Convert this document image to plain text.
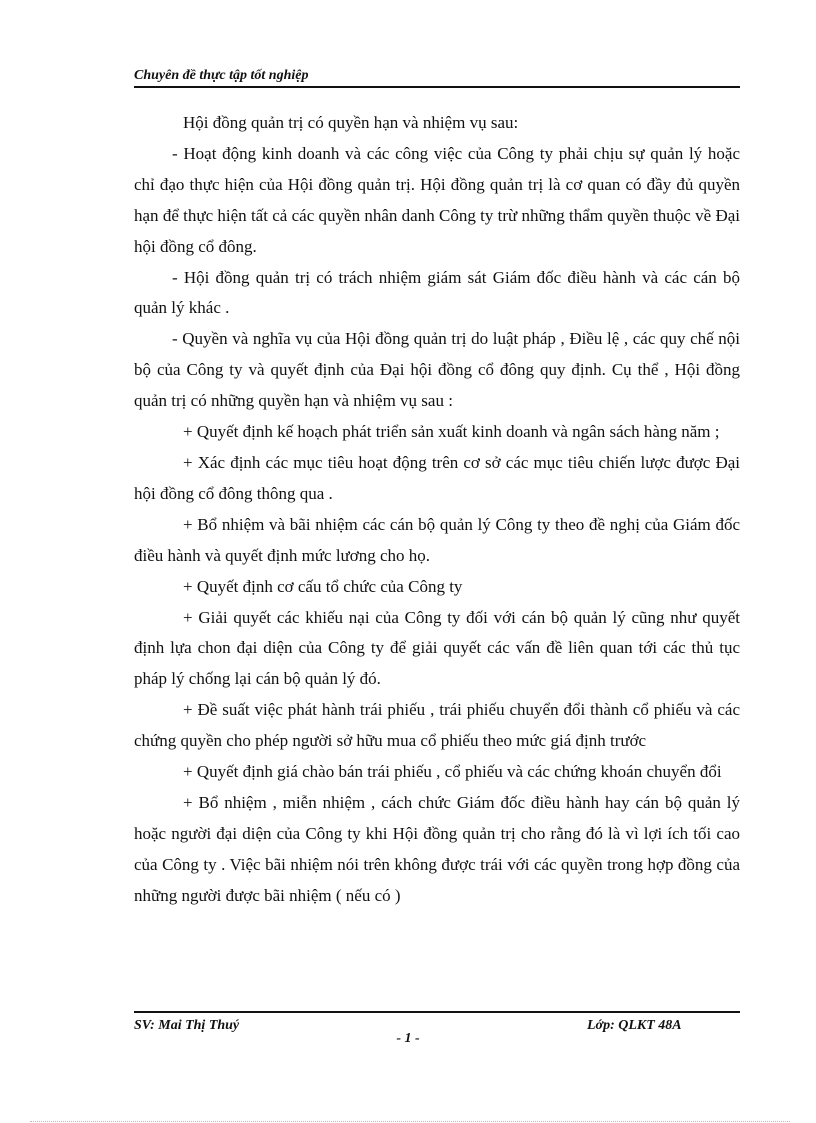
Chuyên đề thực tập tốt nghiệp

Hội đồng quản trị có quyền hạn và nhiệm vụ sau:

- Hoạt động kinh doanh và các công việc của Công ty phải chịu sự quản lý hoặc chỉ đạo thực hiện của Hội đồng quản trị. Hội đồng quản trị là cơ quan có đầy đủ quyền hạn để thực hiện tất cả các quyền nhân danh Công ty trừ những thẩm quyền thuộc về Đại hội đồng cổ đông.

- Hội đồng quản trị có trách nhiệm giám sát Giám đốc điều hành và các cán bộ quản lý khác .

- Quyền và nghĩa vụ của Hội đồng quản trị do luật pháp , Điều lệ , các quy chế nội bộ của Công ty và quyết định của Đại hội đồng cổ đông quy định. Cụ thể , Hội đồng quản trị có những quyền hạn và nhiệm vụ sau :

+ Quyết định kế hoạch phát triển sản xuất kinh doanh và ngân sách hàng năm ;

+ Xác định các mục tiêu hoạt động trên cơ sở các mục tiêu chiến lược được Đại hội đồng cổ đông thông qua .

+ Bổ nhiệm và bãi nhiệm các cán bộ quản lý Công ty theo đề nghị của Giám đốc điều hành và quyết định mức lương cho họ.

+ Quyết định cơ cấu tổ chức của Công ty

+ Giải quyết các khiếu nại của Công ty đối với cán bộ quản lý cũng như quyết định lựa chon đại diện của Công ty để giải quyết các vấn đề liên quan tới các thủ tục pháp lý chống lại cán bộ quản lý đó.

+ Đề suất việc phát hành trái phiếu , trái phiếu chuyển đổi thành cổ phiếu và các chứng quyền cho phép người sở hữu mua cổ phiếu theo mức giá định trước

+ Quyết định giá chào bán trái phiếu , cổ phiếu và các chứng khoán chuyển đổi

+ Bổ nhiệm , miễn nhiệm , cách chức Giám đốc điều hành hay cán bộ quản lý hoặc người đại diện của Công ty khi Hội đồng quản trị cho rằng đó là vì lợi ích tối cao của Công ty . Việc bãi nhiệm nói trên không được trái với các quyền trong hợp đồng của những người được bãi nhiệm ( nếu có )

SV: Mai Thị Thuý	Lớp: QLKT 48A
- 1 -
